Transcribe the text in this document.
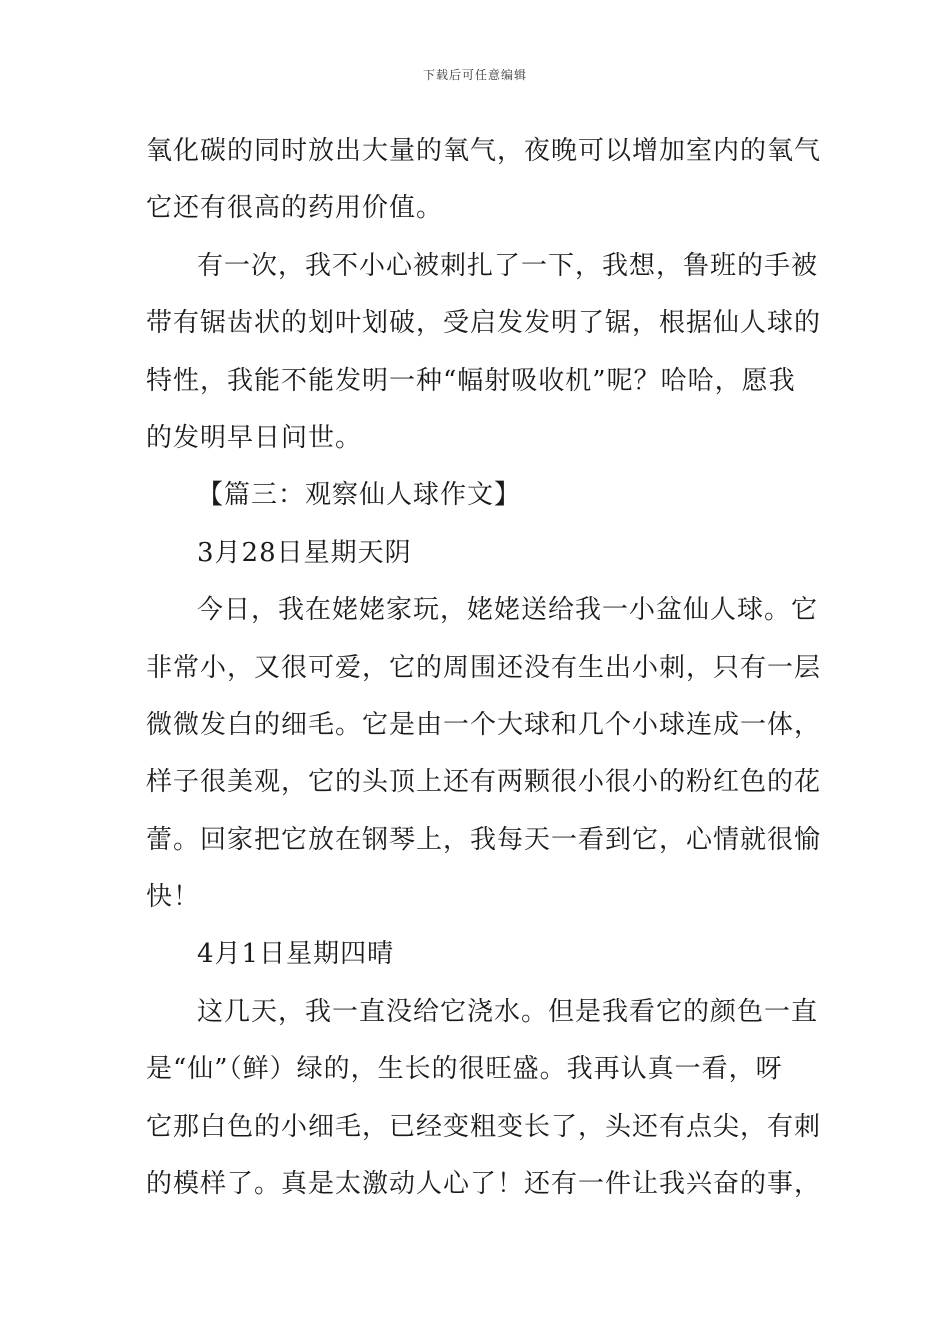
下载后可任意编辑
氧化碳的同时放出大量的氧气，夜晚可以增加室内的氧气
它还有很高的药用价值。
有一次，我不小心被刺扎了一下，我想，鲁班的手被
带有锯齿状的划叶划破，受启发发明了锯，根据仙人球的
特性，我能不能发明一种“幅射吸收机”呢？哈哈，愿我
的发明早日问世。
【篇三：观察仙人球作文】
3月28日星期天阴
今日，我在姥姥家玩，姥姥送给我一小盆仙人球。它
非常小，又很可爱，它的周围还没有生出小刺，只有一层
微微发白的细毛。它是由一个大球和几个小球连成一体，
样子很美观，它的头顶上还有两颗很小很小的粉红色的花
蕾。回家把它放在钢琴上，我每天一看到它，心情就很愉
快！
4月1日星期四晴
这几天，我一直没给它浇水。但是我看它的颜色一直
是“仙”（鲜）绿的，生长的很旺盛。我再认真一看，呀
它那白色的小细毛，已经变粗变长了，头还有点尖，有刺
的模样了。真是太激动人心了！还有一件让我兴奋的事，
